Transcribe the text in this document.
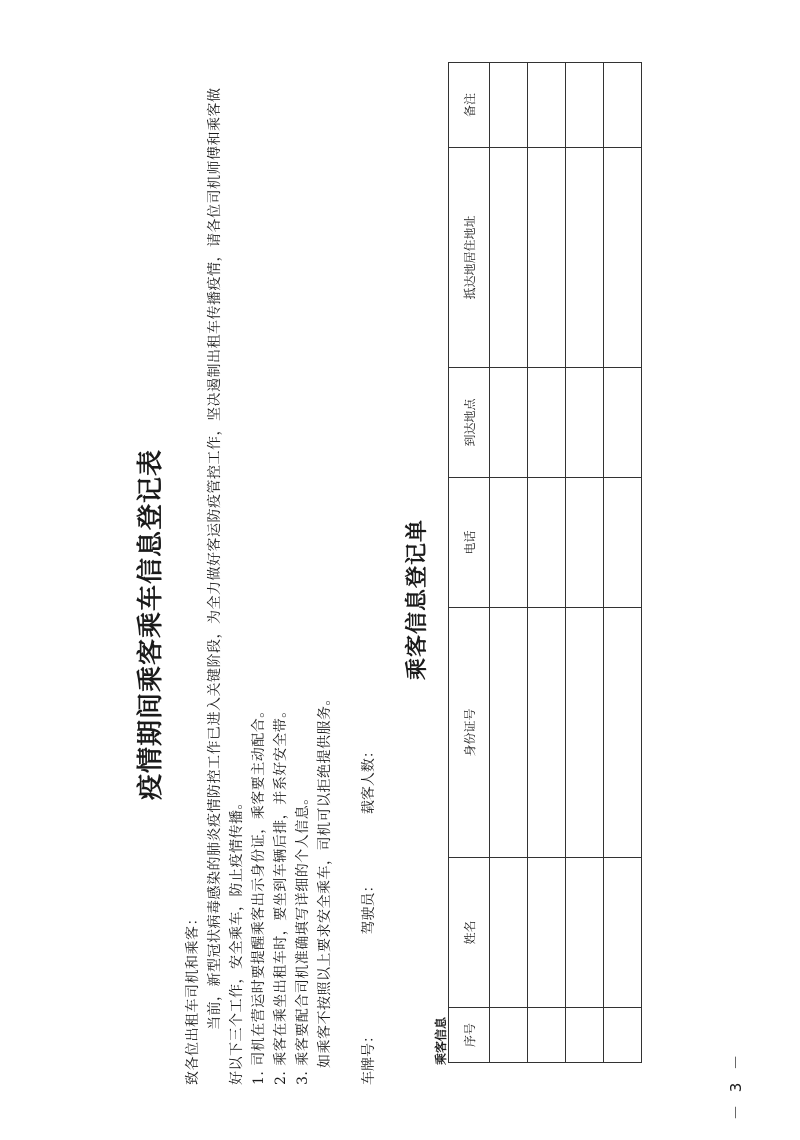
－ 3 －
疫情期间乘客乘车信息登记表
致各位出租车司机和乘客： 当前，新型冠状病毒感染的肺炎疫情防控工作已进入关键阶段，为全力做好客运防疫管控工作，坚决遏制出租车传播疫情，请各位司机师傅和乘客做 好以下三个工作，安全乘车，防止疫情传播。 1. 司机在营运时要提醒乘客出示身份证，乘客要主动配合。 2. 乘客在乘坐出租车时，要坐到车辆后排，并系好安全带。 3. 乘客要配合司机准确填写详细的个人信息。 如乘客不按照以上要求安全乘车，司机可以拒绝提供服务。 车牌号： 驾驶员： 载客人数：
乘客信息登记单
乘客信息 序号	姓名	身份证号	电话	到达地点	抵达地居住地址	备注
